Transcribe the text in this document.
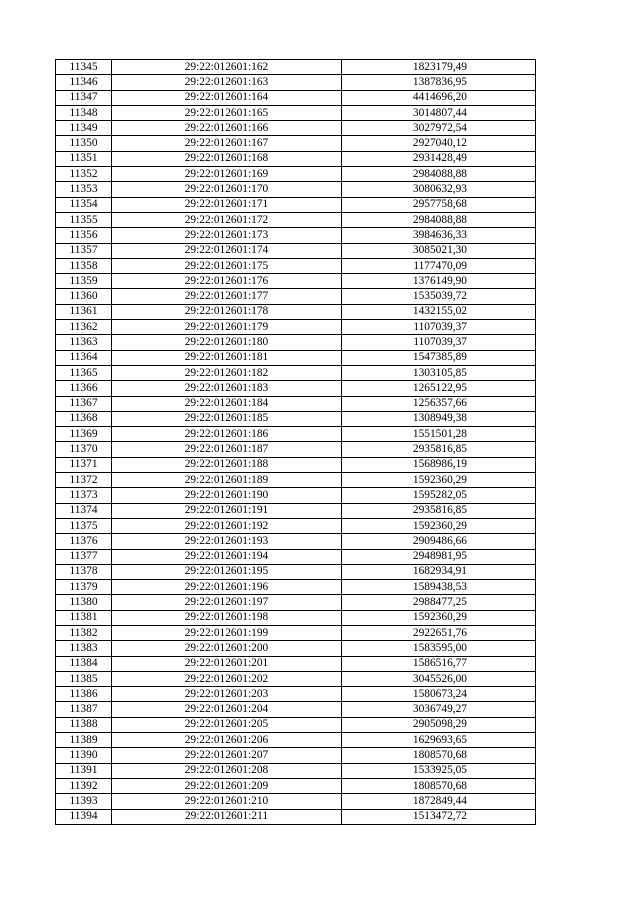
11345	29:22:012601:162	1823179,49
11346	29:22:012601:163	1387836,95
11347	29:22:012601:164	4414696,20
11348	29:22:012601:165	3014807,44
11349	29:22:012601:166	3027972,54
11350	29:22:012601:167	2927040,12
11351	29:22:012601:168	2931428,49
11352	29:22:012601:169	2984088,88
11353	29:22:012601:170	3080632,93
11354	29:22:012601:171	2957758,68
11355	29:22:012601:172	2984088,88
11356	29:22:012601:173	3984636,33
11357	29:22:012601:174	3085021,30
11358	29:22:012601:175	1177470,09
11359	29:22:012601:176	1376149,90
11360	29:22:012601:177	1535039,72
11361	29:22:012601:178	1432155,02
11362	29:22:012601:179	1107039,37
11363	29:22:012601:180	1107039,37
11364	29:22:012601:181	1547385,89
11365	29:22:012601:182	1303105,85
11366	29:22:012601:183	1265122,95
11367	29:22:012601:184	1256357,66
11368	29:22:012601:185	1308949,38
11369	29:22:012601:186	1551501,28
11370	29:22:012601:187	2935816,85
11371	29:22:012601:188	1568986,19
11372	29:22:012601:189	1592360,29
11373	29:22:012601:190	1595282,05
11374	29:22:012601:191	2935816,85
11375	29:22:012601:192	1592360,29
11376	29:22:012601:193	2909486,66
11377	29:22:012601:194	2948981,95
11378	29:22:012601:195	1682934,91
11379	29:22:012601:196	1589438,53
11380	29:22:012601:197	2988477,25
11381	29:22:012601:198	1592360,29
11382	29:22:012601:199	2922651,76
11383	29:22:012601:200	1583595,00
11384	29:22:012601:201	1586516,77
11385	29:22:012601:202	3045526,00
11386	29:22:012601:203	1580673,24
11387	29:22:012601:204	3036749,27
11388	29:22:012601:205	2905098,29
11389	29:22:012601:206	1629693,65
11390	29:22:012601:207	1808570,68
11391	29:22:012601:208	1533925,05
11392	29:22:012601:209	1808570,68
11393	29:22:012601:210	1872849,44
11394	29:22:012601:211	1513472,72
